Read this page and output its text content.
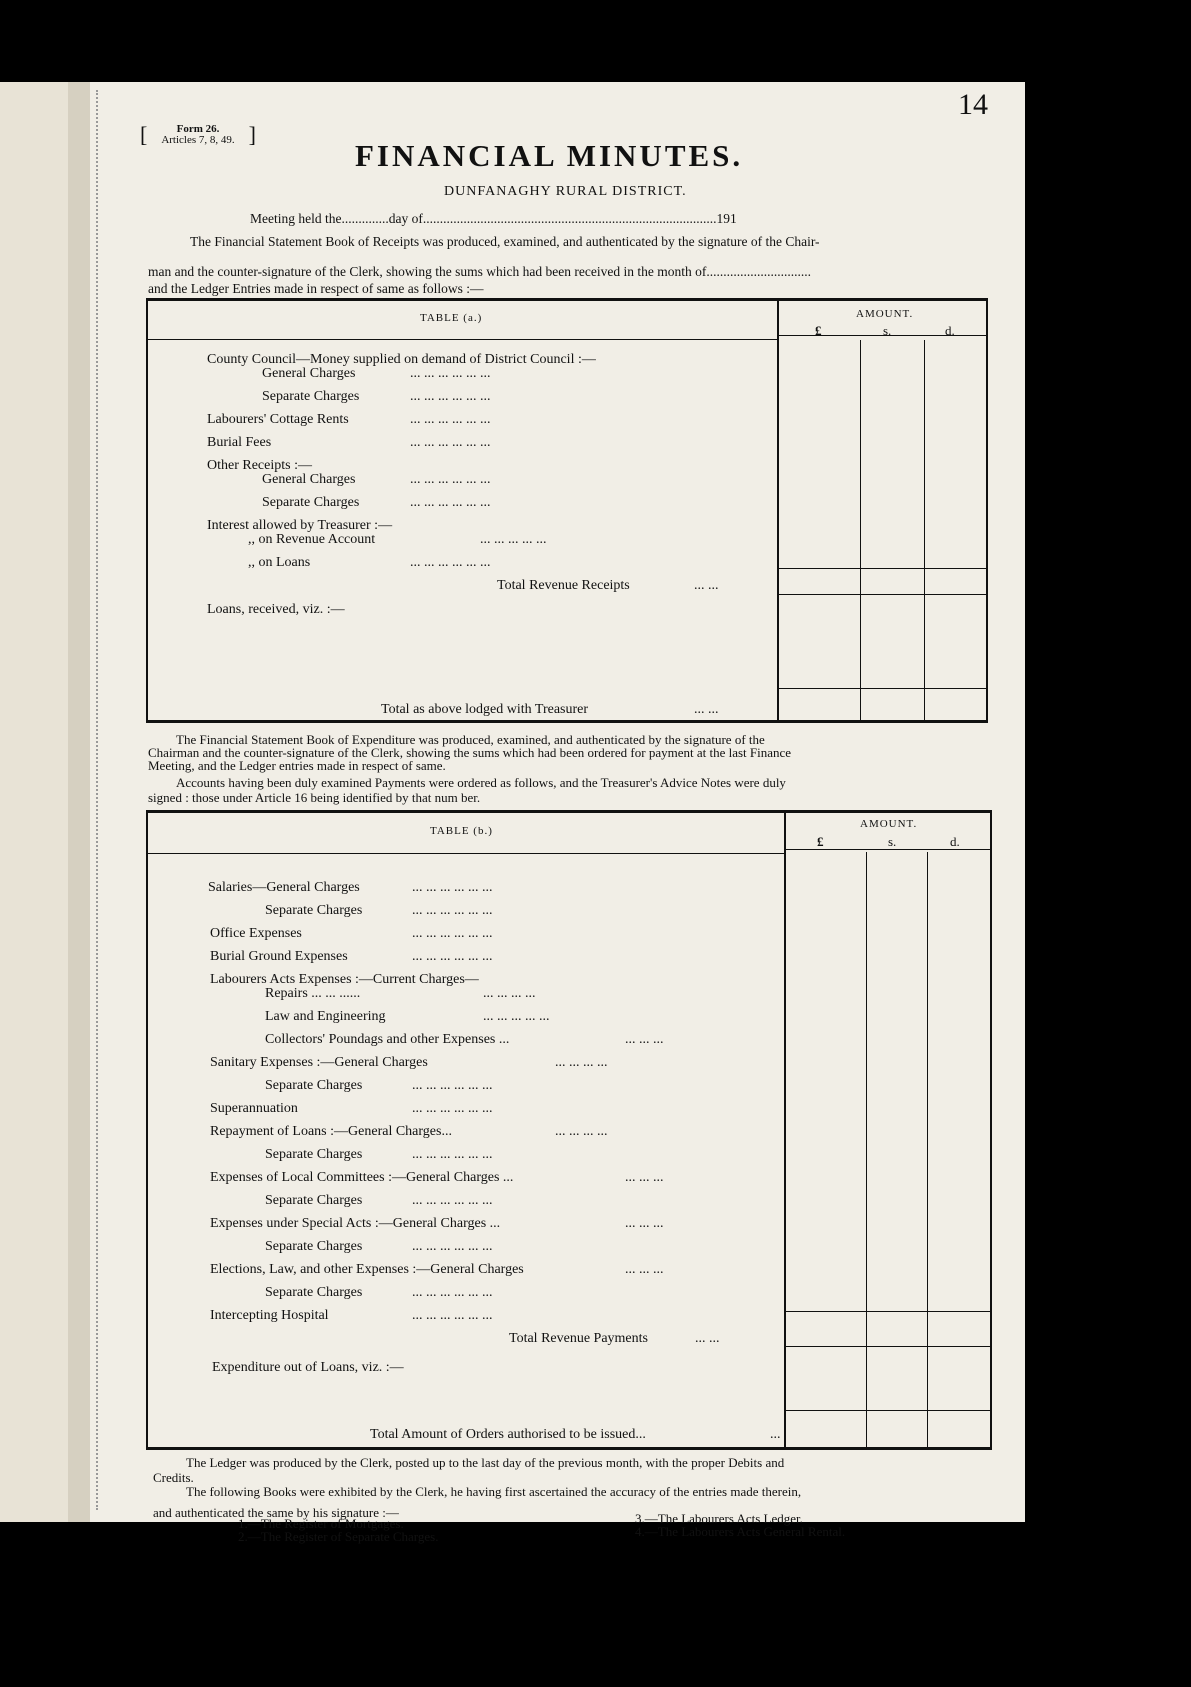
14
[	Form 26.
Articles 7, 8, 49. ]
FINANCIAL MINUTES.
DUNFANAGHY RURAL DISTRICT.
Meeting held the..............day of.......................................................................................191
The Financial Statement Book of Receipts was produced, examined, and authenticated by the signature of the Chair-
man and the counter-signature of the Clerk, showing the sums which had been received in the month of...............................
and the Ledger Entries made in respect of same as follows :—
TABLE (a.)	AMOUNT.
£	s.	d.
County Council—Money supplied on demand of District Council :—
General Charges	... ... ... ... ... ...
Separate Charges	... ... ... ... ... ...
Labourers' Cottage Rents	... ... ... ... ... ...
Burial Fees	... ... ... ... ... ...
Other Receipts :—
General Charges	... ... ... ... ... ...
Separate Charges	... ... ... ... ... ...
Interest allowed by Treasurer :—
,, on Revenue Account	... ... ... ... ...
,, on Loans	... ... ... ... ... ...
Total Revenue Receipts	... ...
Loans, received, viz. :—
Total as above lodged with Treasurer	... ...
The Financial Statement Book of Expenditure was produced, examined, and authenticated by the signature of the
Chairman and the counter-signature of the Clerk, showing the sums which had been ordered for payment at the last Finance
Meeting, and the Ledger entries made in respect of same.
Accounts having been duly examined Payments were ordered as follows, and the Treasurer's Advice Notes were duly
signed : those under Article 16 being identified by that num ber.
TABLE (b.)
AMOUNT.
£	s.	d.
Salaries—General Charges	... ... ... ... ... ...
Separate Charges	... ... ... ... ... ...
Office Expenses	... ... ... ... ... ...
Burial Ground Expenses	... ... ... ... ... ...
Labourers Acts Expenses :—Current Charges—
Repairs ... ... ......	... ... ... ...
Law and Engineering	... ... ... ... ...
Collectors' Poundags and other Expenses ...	... ... ...
Sanitary Expenses :—General Charges	... ... ... ...
Separate Charges	... ... ... ... ... ...
Superannuation	... ... ... ... ... ...
Repayment of Loans :—General Charges...	... ... ... ...
Separate Charges	... ... ... ... ... ...
Expenses of Local Committees :—General Charges ...	... ... ...
Separate Charges	... ... ... ... ... ...
Expenses under Special Acts :—General Charges ...	... ... ...
Separate Charges	... ... ... ... ... ...
Elections, Law, and other Expenses :—General Charges	... ... ...
Separate Charges	... ... ... ... ... ...
Intercepting Hospital	... ... ... ... ... ...
Total Revenue Payments	... ...
Expenditure out of Loans, viz. :—
Total Amount of Orders authorised to be issued...	...
The Ledger was produced by the Clerk, posted up to the last day of the previous month, with the proper Debits and
Credits.
The following Books were exhibited by the Clerk, he having first ascertained the accuracy of the entries made therein,
and authenticated the same by his signature :—
1.—The Register of Mortgages.
2.—The Register of Separate Charges.
3.—The Labourers Acts Ledger.
4.—The Labourers Acts General Rental.
